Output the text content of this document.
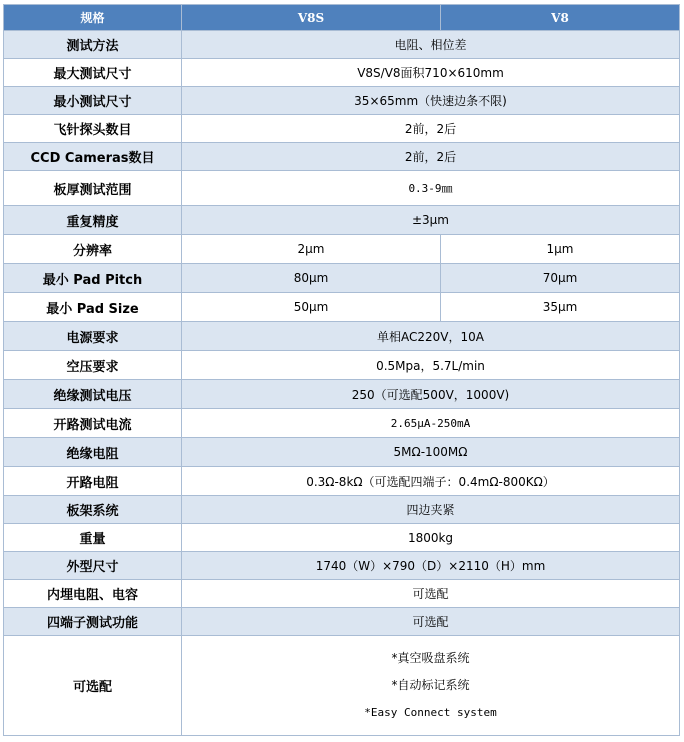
规格	V8S	V8
测试方法	电阻、相位差	
最大测试尺寸	V8S/V8面积710×610mm	
最小测试尺寸	35×65mm（快速边条不限)	
飞针探头数目	2前，2后	
CCD Cameras数目	2前，2后	
板厚测试范围	0.3-9㎜	
重复精度	±3μm	
分辨率	2μm	1μm
最小 Pad Pitch	80μm	70μm
最小 Pad Size	50μm	35μm
电源要求	单相AC220V，10A	
空压要求	0.5Mpa，5.7L/min	
绝缘测试电压	250（可选配500V，1000V)	
开路测试电流	2.65μA-250mA	
绝缘电阻	5MΩ-100MΩ	
开路电阻	0.3Ω-8kΩ（可选配四端子：0.4mΩ-800KΩ）	
板架系统	四边夹紧	
重量	1800kg	
外型尺寸	1740（W）×790（D）×2110（H）mm	
内埋电阻、电容	可选配	
四端子测试功能	可选配	
可选配	*真空吸盘系统
*自动标记系统
*Easy Connect system	
